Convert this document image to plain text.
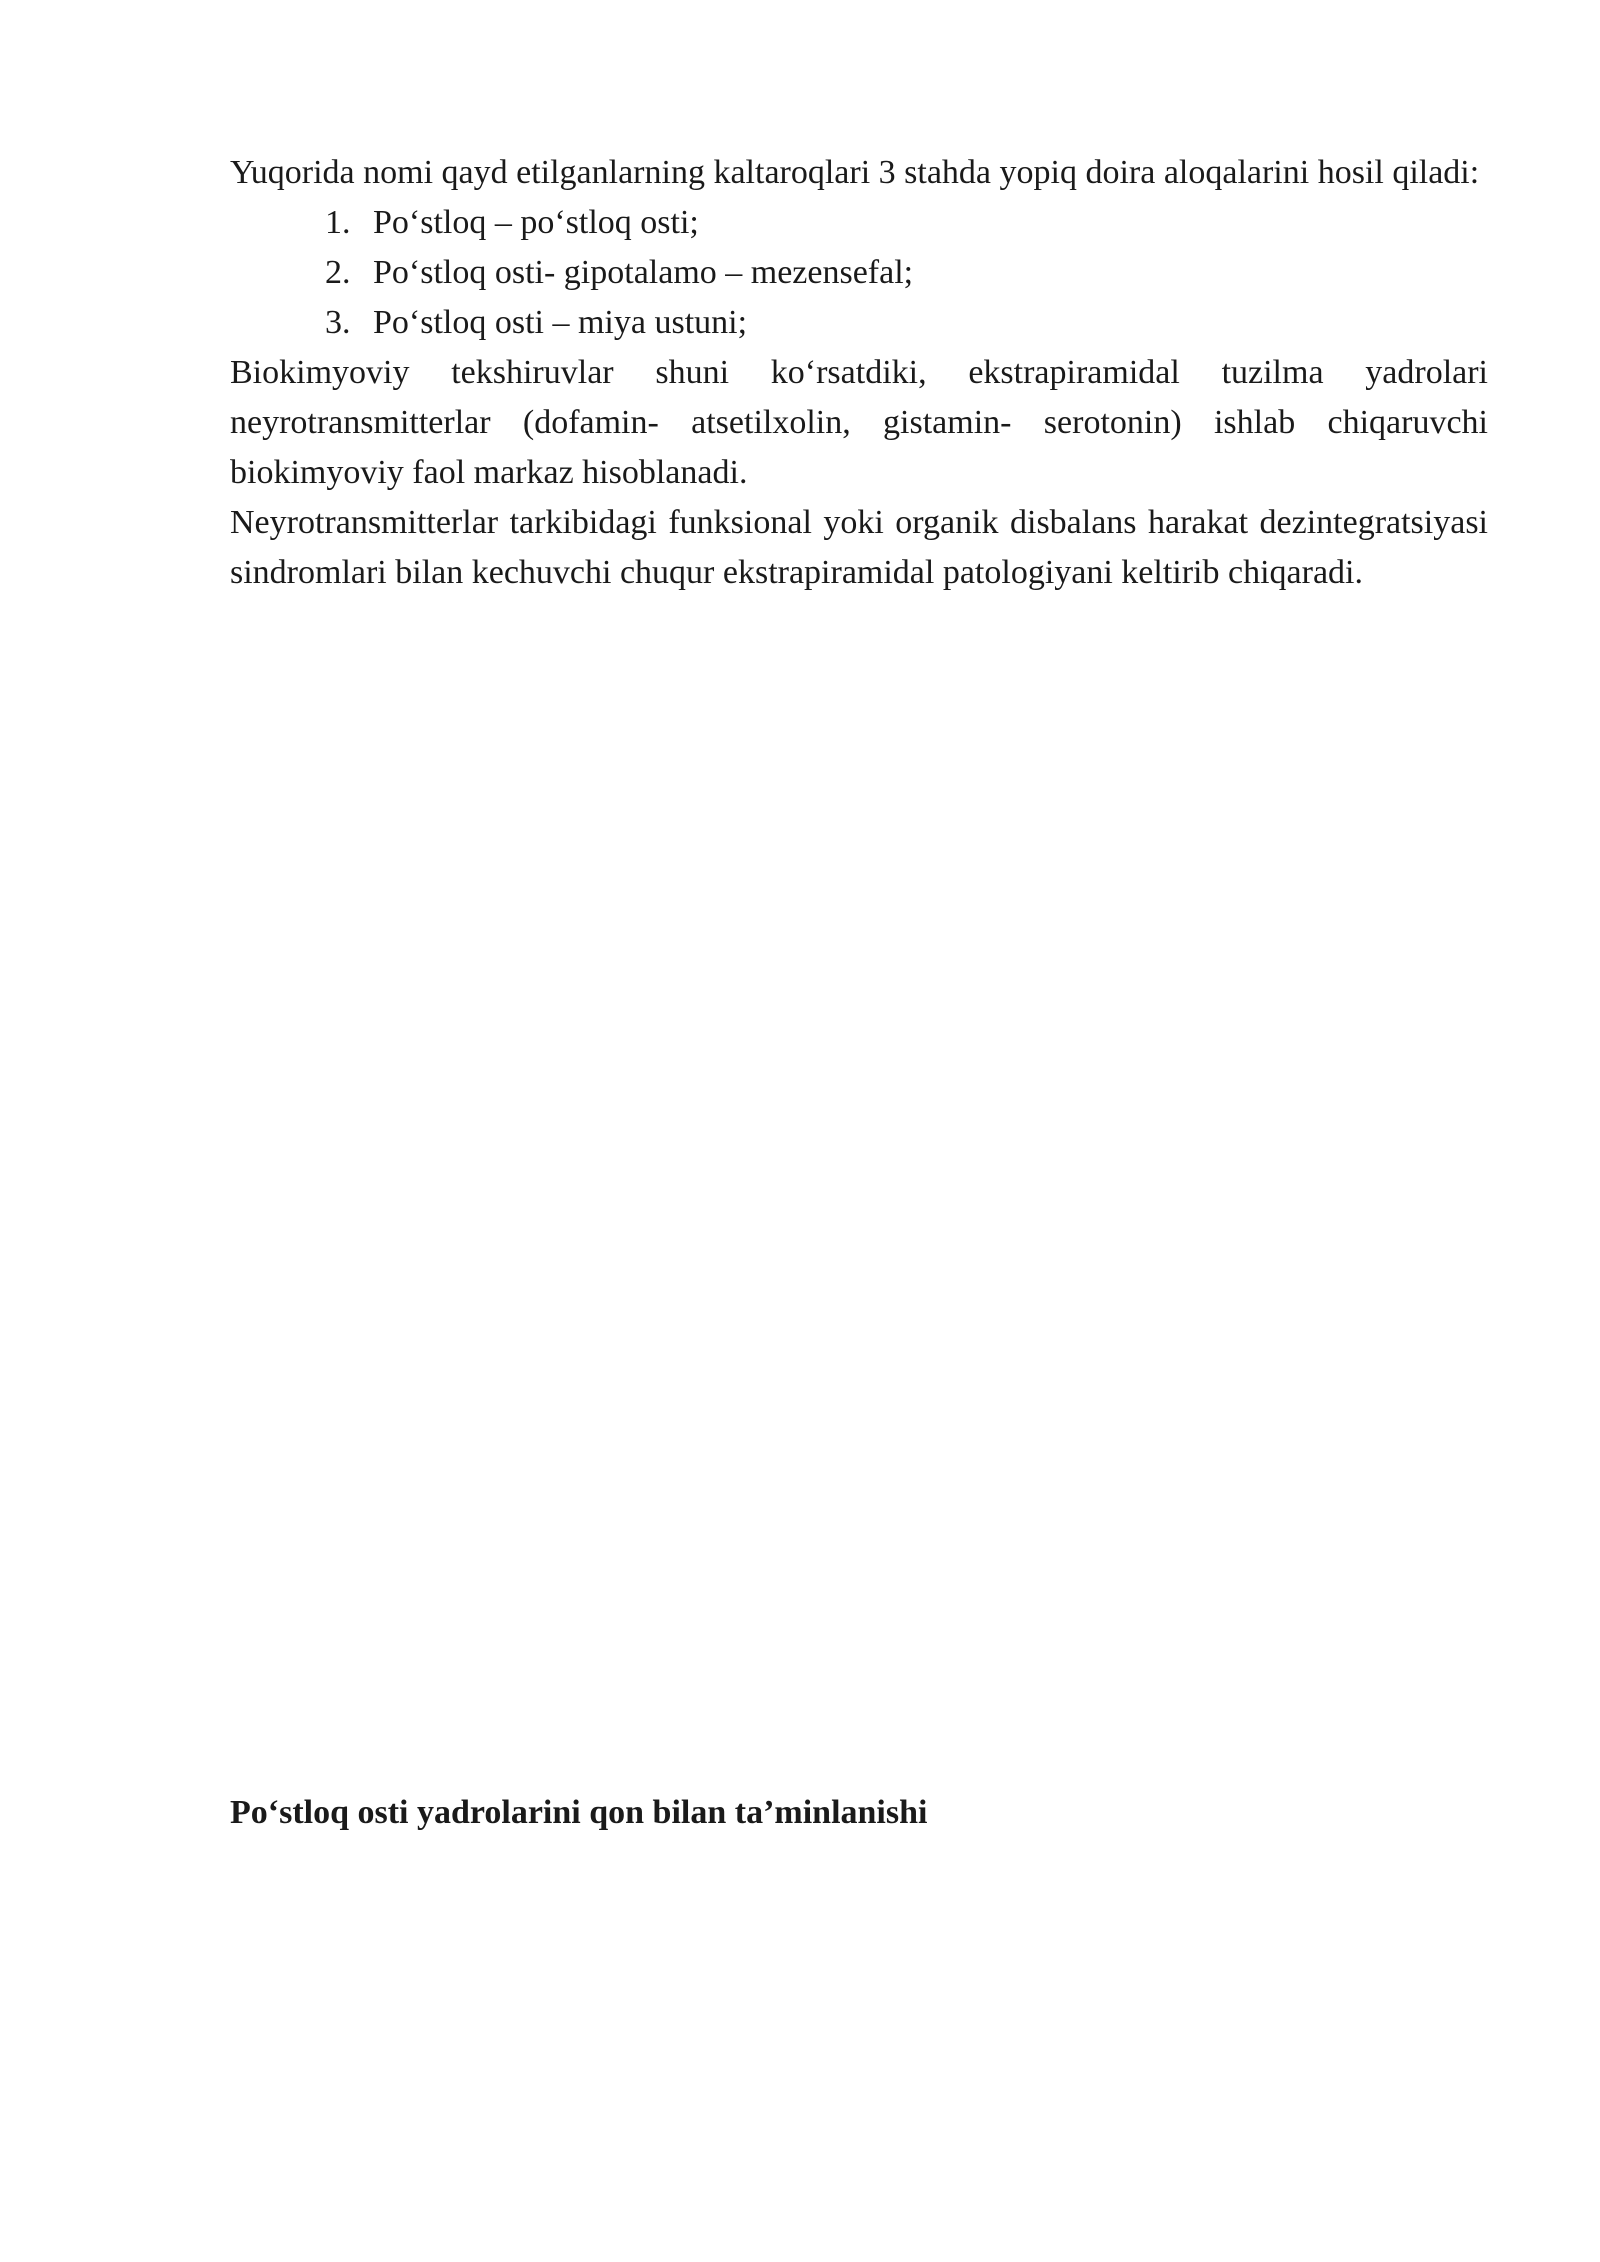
Yuqorida nomi qayd etilganlarning kaltaroqlari 3 stahda yopiq doira aloqalarini hosil qiladi:

1. Po‘stloq – po‘stloq osti;
2. Po‘stloq osti- gipotalamo – mezensefal;
3. Po‘stloq osti – miya ustuni;

Biokimyoviy tekshiruvlar shuni ko‘rsatdiki, ekstrapiramidal tuzilma yadrolari neyrotransmitterlar (dofamin- atsetilxolin, gistamin- serotonin) ishlab chiqaruvchi biokimyoviy faol markaz hisoblanadi.

Neyrotransmitterlar tarkibidagi funksional yoki organik disbalans harakat dezintegratsiyasi sindromlari bilan kechuvchi chuqur ekstrapiramidal patologiyani keltirib chiqaradi.

Po‘stloq osti yadrolarini qon bilan ta’minlanishi
